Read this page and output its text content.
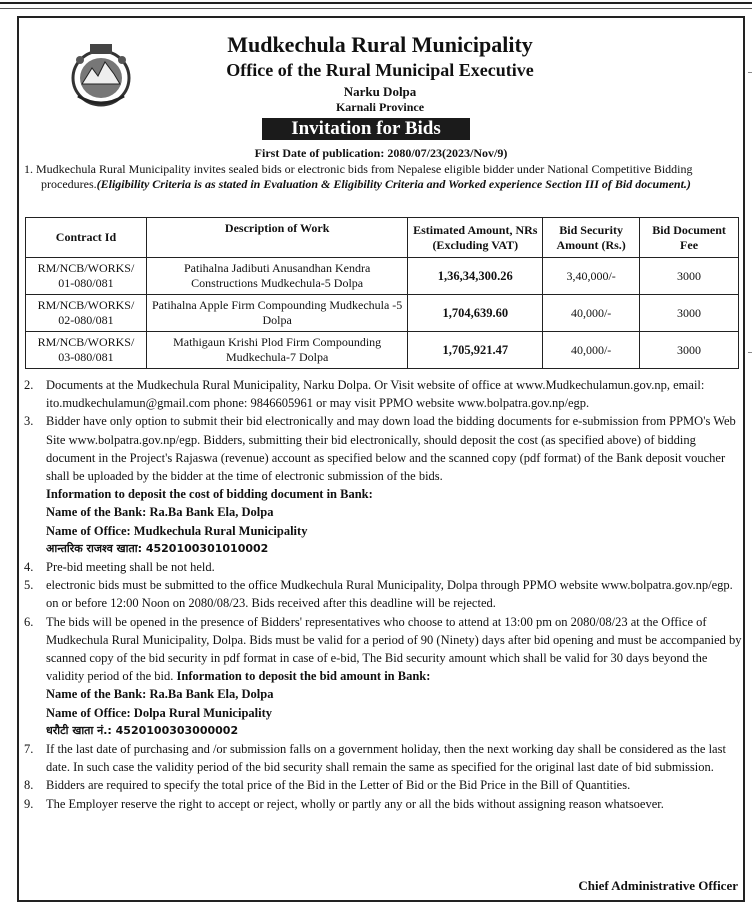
Mudkechula Rural Municipality
Office of the Rural Municipal Executive
Narku Dolpa
Karnali Province
Invitation for Bids
First Date of publication: 2080/07/23(2023/Nov/9)
1. Mudkechula Rural Municipality invites sealed bids or electronic bids from Nepalese eligible bidder under National Competitive Bidding procedures.(Eligibility Criteria is as stated in Evaluation & Eligibility Criteria and Worked experience Section III of Bid document.)
Contract Id	Description of Work	Estimated Amount, NRs (Excluding VAT)	Bid Security Amount (Rs.)	Bid Document Fee
RM/NCB/WORKS/ 01-080/081	Patihalna Jadibuti Anusandhan Kendra Constructions Mudkechula-5 Dolpa	1,36,34,300.26	3,40,000/-	3000
RM/NCB/WORKS/ 02-080/081	Patihalna Apple Firm Compounding Mudkechula -5 Dolpa	1,704,639.60	40,000/-	3000
RM/NCB/WORKS/ 03-080/081	Mathigaun Krishi Plod Firm Compounding Mudkechula-7 Dolpa	1,705,921.47	40,000/-	3000
2.	Documents at the Mudkechula Rural Municipality, Narku Dolpa. Or Visit website of office at www.Mudkechulamun.gov.np, email: ito.mudkechulamun@gmail.com phone: 9846605961 or may visit PPMO website www.bolpatra.gov.np/egp.
3.	Bidder have only option to submit their bid electronically and may down load the bidding documents for e-submission from PPMO's Web Site www.bolpatra.gov.np/egp. Bidders, submitting their bid electronically, should deposit the cost (as specified above) of bidding document in the Project's Rajaswa (revenue) account as specified below and the scanned copy (pdf format) of the Bank deposit voucher shall be uploaded by the bidder at the time of electronic submission of the bids.
Information to deposit the cost of bidding document in Bank:
Name of the Bank: Ra.Ba Bank Ela, Dolpa
Name of Office: Mudkechula Rural Municipality
आन्तरिक राजश्व खाता: 4520100301010002
4.	Pre-bid meeting shall be not held.
5.	electronic bids must be submitted to the office Mudkechula Rural Municipality, Dolpa through PPMO website www.bolpatra.gov.np/egp. on or before 12:00 Noon on 2080/08/23. Bids received after this deadline will be rejected.
6.	The bids will be opened in the presence of Bidders' representatives who choose to attend at 13:00 pm on 2080/08/23 at the Office of Mudkechula Rural Municipality, Dolpa. Bids must be valid for a period of 90 (Ninety) days after bid opening and must be accompanied by scanned copy of the bid security in pdf format in case of e-bid, The Bid security amount which shall be valid for 30 days beyond the validity period of the bid. Information to deposit the bid amount in Bank:
Name of the Bank: Ra.Ba Bank Ela, Dolpa
Name of Office: Dolpa Rural Municipality
धरौटी खाता नं.: 4520100303000002
7.	If the last date of purchasing and /or submission falls on a government holiday, then the next working day shall be considered as the last date. In such case the validity period of the bid security shall remain the same as specified for the original last date of bid submission.
8.	Bidders are required to specify the total price of the Bid in the Letter of Bid or the Bid Price in the Bill of Quantities.
9.	The Employer reserve the right to accept or reject, wholly or partly any or all the bids without assigning reason whatsoever.
Chief Administrative Officer
